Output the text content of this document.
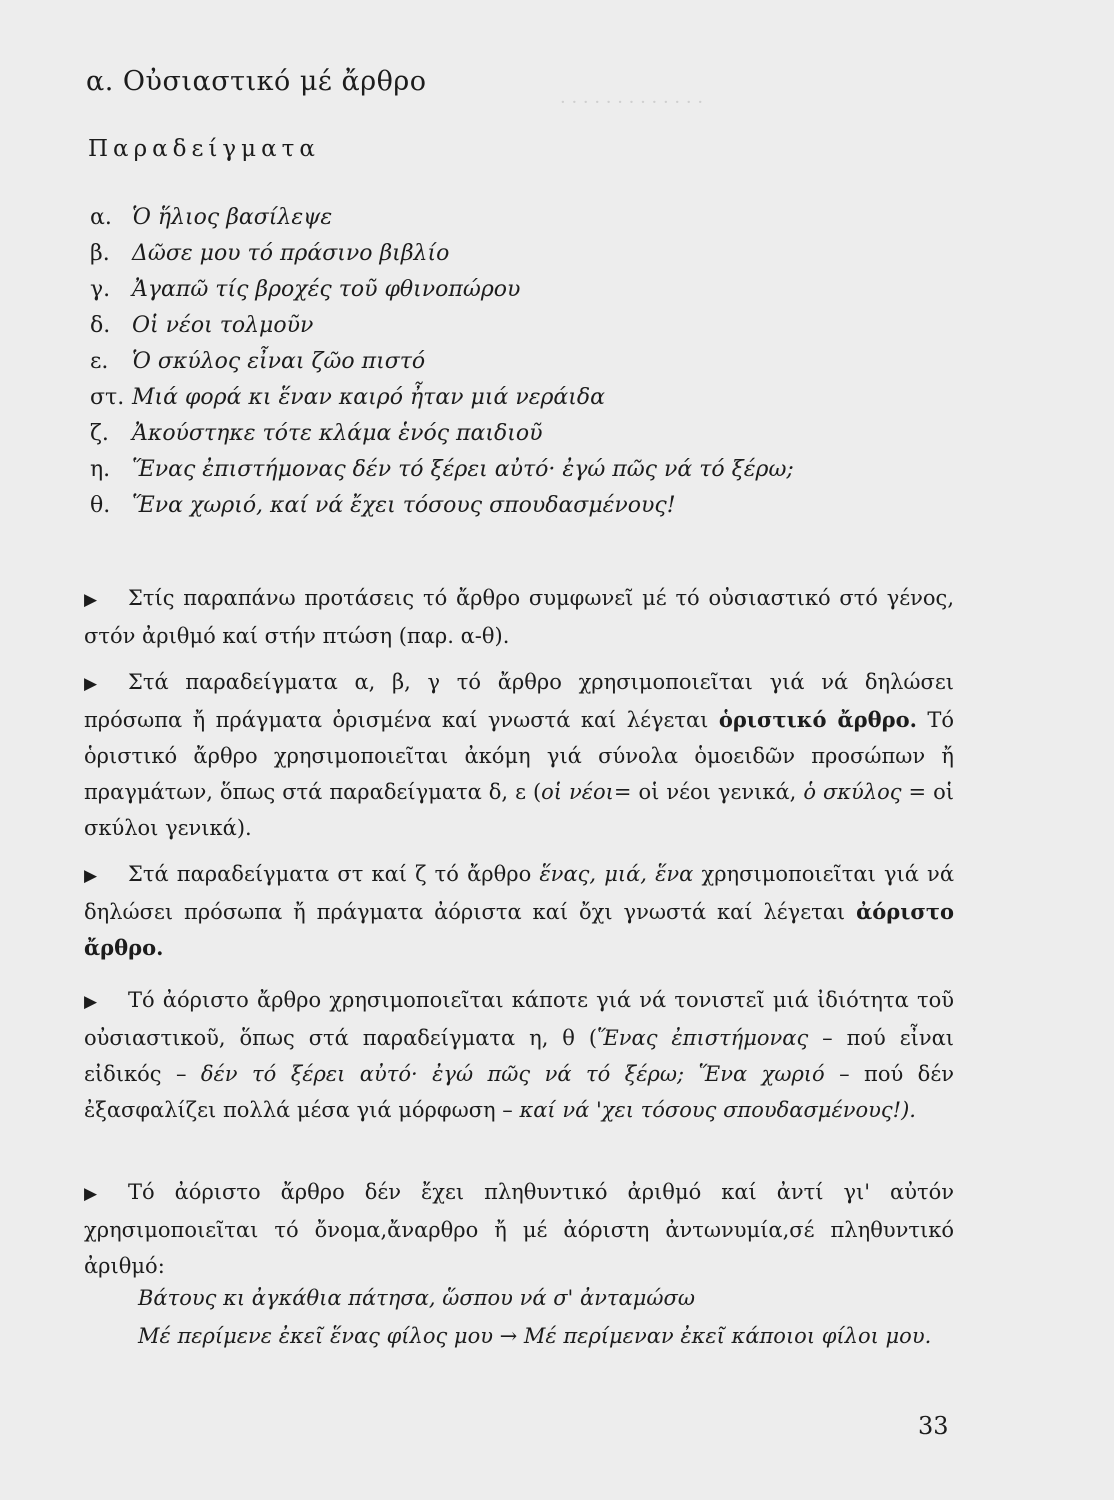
· · · · · · · · · · · · ·
α. Οὐσιαστικό μέ ἄρθρο
Παραδείγματα
α. Ὁ ἥλιος βασίλεψε
β. Δῶσε μου τό πράσινο βιβλίο
γ. Ἀγαπῶ τίς βροχές τοῦ φθινοπώρου
δ. Οἱ νέοι τολμοῦν
ε. Ὁ σκύλος εἶναι ζῶο πιστό
στ. Μιά φορά κι ἕναν καιρό ἦταν μιά νεράιδα
ζ. Ἀκούστηκε τότε κλάμα ἑνός παιδιοῦ
η. Ἕνας ἐπιστήμονας δέν τό ξέρει αὐτό· ἐγώ πῶς νά τό ξέρω;
θ. Ἕνα χωριό, καί νά ἔχει τόσους σπουδασμένους!
▶ Στίς παραπάνω προτάσεις τό ἄρθρο συμφωνεῖ μέ τό οὐσιαστικό στό γένος, στόν ἀριθμό καί στήν πτώση (παρ. α-θ).
▶ Στά παραδείγματα α, β, γ τό ἄρθρο χρησιμοποιεῖται γιά νά δηλώσει πρόσωπα ἤ πράγματα ὁρισμένα καί γνωστά καί λέγεται ὁριστικό ἄρθρο. Τό ὁριστικό ἄρθρο χρησιμοποιεῖται ἀκόμη γιά σύνολα ὁμοειδῶν προσώπων ἤ πραγμάτων, ὅπως στά παραδείγματα δ, ε (οἱ νέοι= οἱ νέοι γενικά, ὁ σκύλος = οἱ σκύλοι γενικά).
▶ Στά παραδείγματα στ καί ζ τό ἄρθρο ἕνας, μιά, ἕνα χρησιμοποιεῖται γιά νά δηλώσει πρόσωπα ἤ πράγματα ἀόριστα καί ὄχι γνωστά καί λέγεται ἀόριστο ἄρθρο.
▶ Τό ἀόριστο ἄρθρο χρησιμοποιεῖται κάποτε γιά νά τονιστεῖ μιά ἰδιότητα τοῦ οὐσιαστικοῦ, ὅπως στά παραδείγματα η, θ (Ἕνας ἐπιστήμονας – πού εἶναι εἰδικός – δέν τό ξέρει αὐτό· ἐγώ πῶς νά τό ξέρω; Ἕνα χωριό – πού δέν ἐξασφαλίζει πολλά μέσα γιά μόρφωση – καί νά 'χει τόσους σπουδασμένους!).
▶ Τό ἀόριστο ἄρθρο δέν ἔχει πληθυντικό ἀριθμό καί ἀντί γι' αὐτόν χρησιμοποιεῖται τό ὄνομα,ἄναρθρο ἤ μέ ἀόριστη ἀντωνυμία,σέ πληθυντικό ἀριθμό:
Βάτους κι ἀγκάθια πάτησα, ὥσπου νά σ' ἀνταμώσω
Μέ περίμενε ἐκεῖ ἕνας φίλος μου → Μέ περίμεναν ἐκεῖ κάποιοι φίλοι μου.
33
